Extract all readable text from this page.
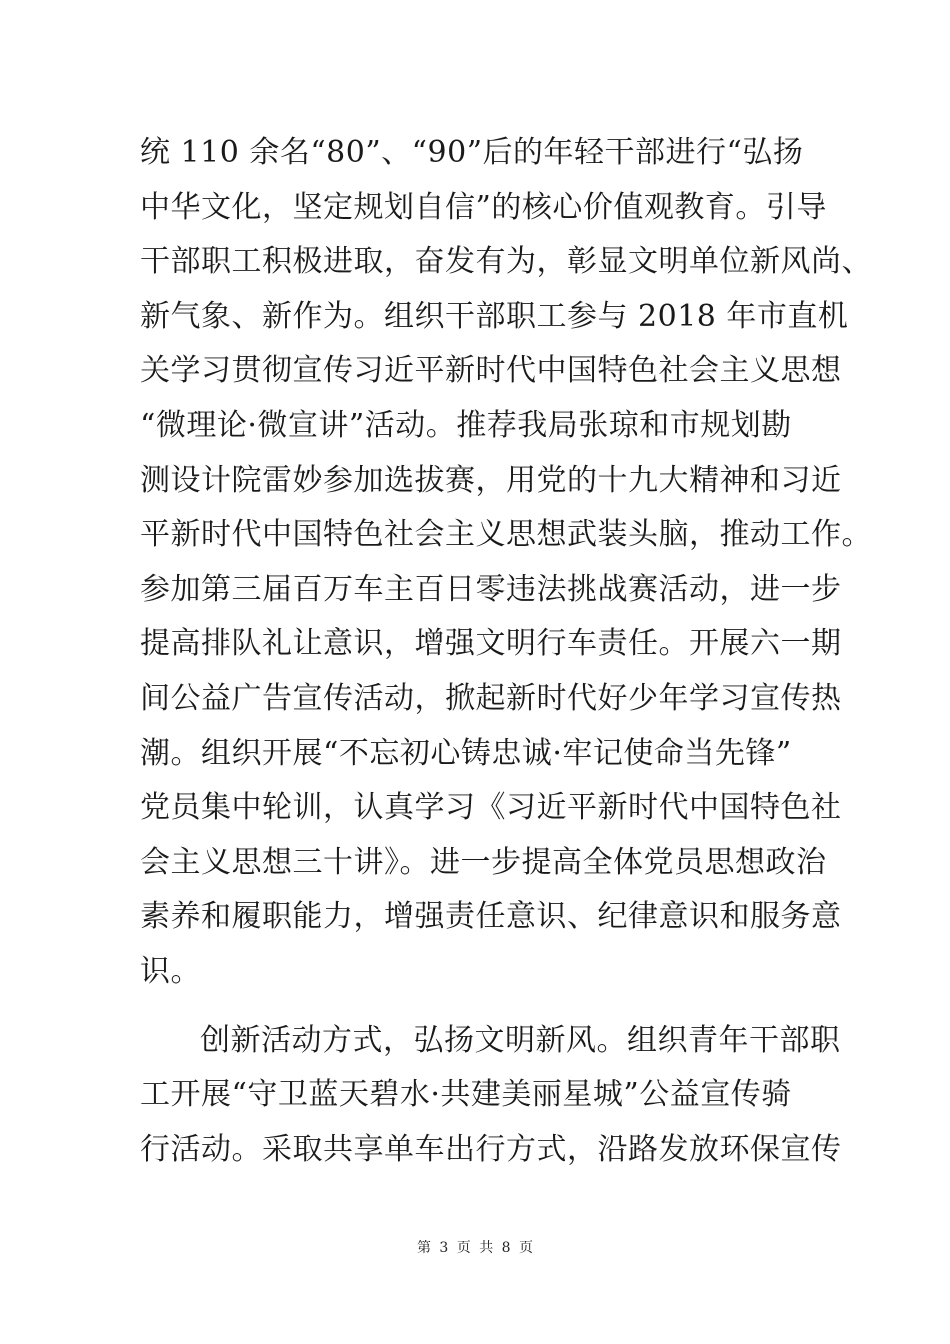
统 110 余名“80”、“90”后的年轻干部进行“弘扬
中华文化，坚定规划自信”的核心价值观教育。引导
干部职工积极进取，奋发有为，彰显文明单位新风尚、
新气象、新作为。组织干部职工参与 2018 年市直机
关学习贯彻宣传习近平新时代中国特色社会主义思想
“微理论·微宣讲”活动。推荐我局张琼和市规划勘
测设计院雷妙参加选拔赛，用党的十九大精神和习近
平新时代中国特色社会主义思想武装头脑，推动工作。
参加第三届百万车主百日零违法挑战赛活动，进一步
提高排队礼让意识，增强文明行车责任。开展六一期
间公益广告宣传活动，掀起新时代好少年学习宣传热
潮。组织开展“不忘初心铸忠诚·牢记使命当先锋”
党员集中轮训，认真学习《习近平新时代中国特色社
会主义思想三十讲》。进一步提高全体党员思想政治
素养和履职能力，增强责任意识、纪律意识和服务意
识。
创新活动方式，弘扬文明新风。组织青年干部职
工开展“守卫蓝天碧水·共建美丽星城”公益宣传骑
行活动。采取共享单车出行方式，沿路发放环保宣传
第 3 页 共 8 页
